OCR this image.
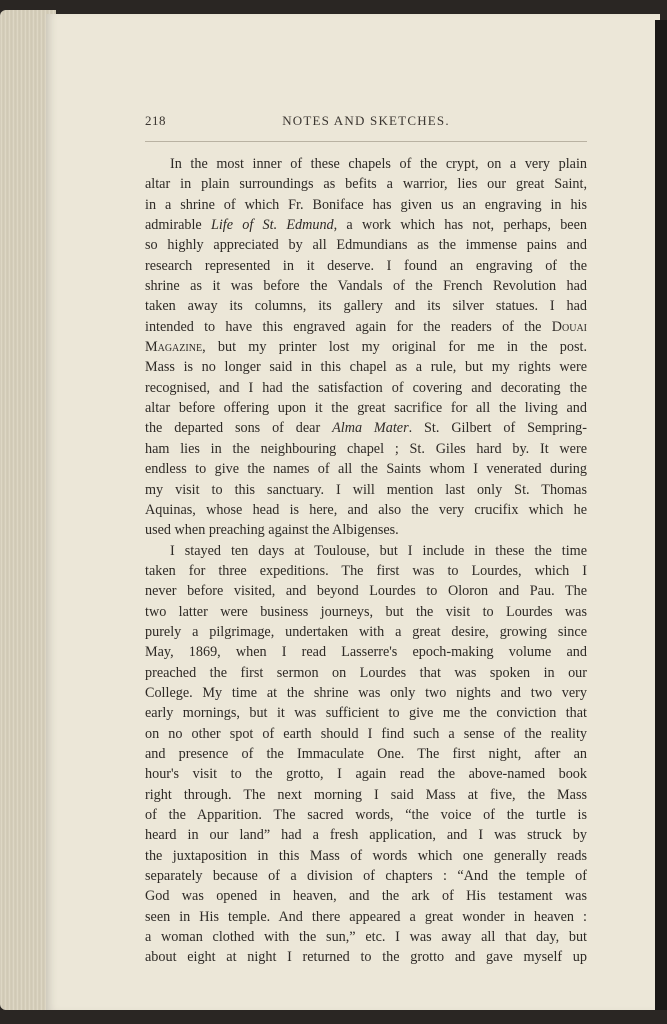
218	NOTES AND SKETCHES.
In the most inner of these chapels of the crypt, on a very plain
altar in plain surroundings as befits a warrior, lies our great Saint,
in a shrine of which Fr. Boniface has given us an engraving in his
admirable Life of St. Edmund, a work which has not, perhaps, been
so highly appreciated by all Edmundians as the immense pains and
research represented in it deserve. I found an engraving of the
shrine as it was before the Vandals of the French Revolution had
taken away its columns, its gallery and its silver statues. I had
intended to have this engraved again for the readers of the Douai
Magazine, but my printer lost my original for me in the post.
Mass is no longer said in this chapel as a rule, but my rights were
recognised, and I had the satisfaction of covering and decorating the
altar before offering upon it the great sacrifice for all the living and
the departed sons of dear Alma Mater. St. Gilbert of Sempring-
ham lies in the neighbouring chapel ; St. Giles hard by. It were
endless to give the names of all the Saints whom I venerated during
my visit to this sanctuary. I will mention last only St. Thomas
Aquinas, whose head is here, and also the very crucifix which he
used when preaching against the Albigenses.
I stayed ten days at Toulouse, but I include in these the time
taken for three expeditions. The first was to Lourdes, which I
never before visited, and beyond Lourdes to Oloron and Pau. The
two latter were business journeys, but the visit to Lourdes was
purely a pilgrimage, undertaken with a great desire, growing since
May, 1869, when I read Lasserre's epoch-making volume and
preached the first sermon on Lourdes that was spoken in our
College. My time at the shrine was only two nights and two very
early mornings, but it was sufficient to give me the conviction that
on no other spot of earth should I find such a sense of the reality
and presence of the Immaculate One. The first night, after an
hour's visit to the grotto, I again read the above-named book
right through. The next morning I said Mass at five, the Mass
of the Apparition. The sacred words, “the voice of the turtle is
heard in our land” had a fresh application, and I was struck by
the juxtaposition in this Mass of words which one generally reads
separately because of a division of chapters : “And the temple of
God was opened in heaven, and the ark of His testament was
seen in His temple. And there appeared a great wonder in heaven :
a woman clothed with the sun,” etc. I was away all that day, but
about eight at night I returned to the grotto and gave myself up
